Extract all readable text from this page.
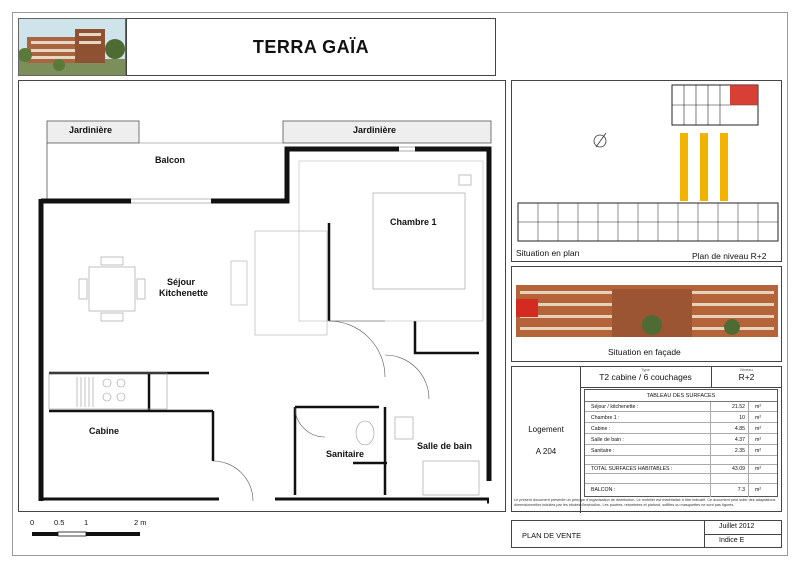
TERRA GAÏA
Jardinière	Jardinière
Balcon
Chambre 1
Séjour
Kitchenette
Cabine
Sanitaire
Salle de bain
0	0.5	1	2 m
Situation en plan	Plan de niveau R+2
Situation en façade
Type
T2 cabine / 6 couchages
Niveau
R+2
Logement
A 204
TABLEAU DES SURFACES
Séjour / kitchenette :	21.52 m²
Chambre 1 :	10 m²
Cabine :	4.85 m²
Salle de bain :	4.37 m²
Sanitaire :	2.35 m²
TOTAL SURFACES HABITABLES :	43.09 m²
BALCON :	7.3 m²
Le présent document présente un principe d'organisation de distribution. Le mobilier est matérialisé à titre indicatif. Ce document peut subir des adaptations dimensionnelles induites par les études d'exécution. Les poutres, retombées et plafond, soffites ou masquettes ne sont pas figurés.
PLAN DE VENTE
Juillet 2012
Indice E
